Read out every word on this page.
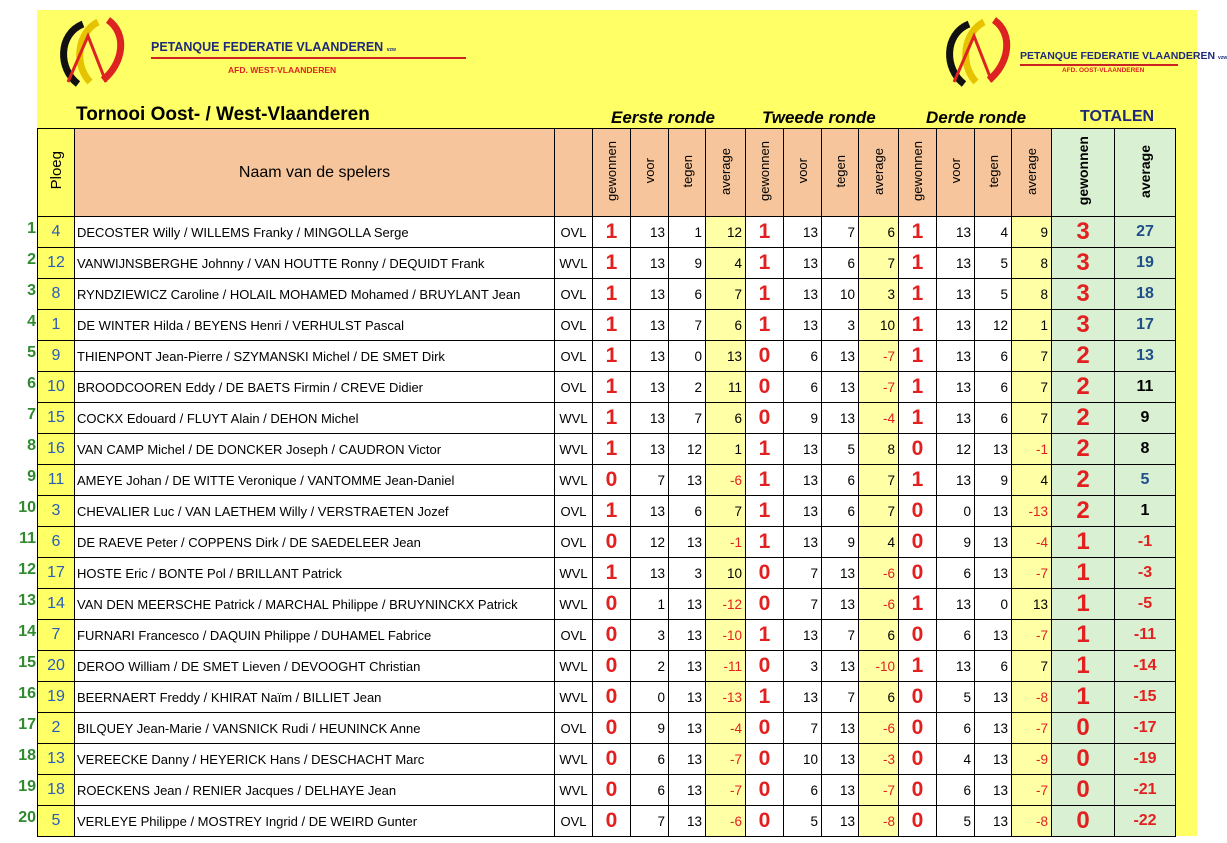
PETANQUE FEDERATIE VLAANDEREN vzw
AFD. WEST-VLAANDEREN
PETANQUE FEDERATIE VLAANDEREN vzw
AFD. OOST-VLAANDEREN
Tornooi Oost- / West-Vlaanderen	Eerste ronde	Tweede ronde	Derde ronde	TOTALEN
Ploeg	Naam van de spelers		gewonnen	voor	tegen	average	gewonnen	voor	tegen	average	gewonnen	voor	tegen	average	gewonnen	average
4	DECOSTER Willy / WILLEMS Franky / MINGOLLA Serge	OVL	1	13	1	12	1	13	7	6	1	13	4	9	3	27
12	VANWIJNSBERGHE Johnny / VAN HOUTTE Ronny / DEQUIDT Frank	WVL	1	13	9	4	1	13	6	7	1	13	5	8	3	19
8	RYNDZIEWICZ Caroline / HOLAIL MOHAMED Mohamed / BRUYLANT Jean	OVL	1	13	6	7	1	13	10	3	1	13	5	8	3	18
1	DE WINTER Hilda / BEYENS Henri / VERHULST Pascal	OVL	1	13	7	6	1	13	3	10	1	13	12	1	3	17
9	THIENPONT Jean-Pierre / SZYMANSKI Michel / DE SMET Dirk	OVL	1	13	0	13	0	6	13	-7	1	13	6	7	2	13
10	BROODCOOREN Eddy / DE BAETS Firmin / CREVE Didier	OVL	1	13	2	11	0	6	13	-7	1	13	6	7	2	11
15	COCKX Edouard / FLUYT Alain / DEHON Michel	WVL	1	13	7	6	0	9	13	-4	1	13	6	7	2	9
16	VAN CAMP Michel / DE DONCKER Joseph / CAUDRON Victor	WVL	1	13	12	1	1	13	5	8	0	12	13	-1	2	8
11	AMEYE Johan / DE WITTE Veronique / VANTOMME Jean-Daniel	WVL	0	7	13	-6	1	13	6	7	1	13	9	4	2	5
3	CHEVALIER Luc / VAN LAETHEM Willy / VERSTRAETEN Jozef	OVL	1	13	6	7	1	13	6	7	0	0	13	-13	2	1
6	DE RAEVE Peter / COPPENS Dirk / DE SAEDELEER Jean	OVL	0	12	13	-1	1	13	9	4	0	9	13	-4	1	-1
17	HOSTE Eric / BONTE Pol / BRILLANT Patrick	WVL	1	13	3	10	0	7	13	-6	0	6	13	-7	1	-3
14	VAN DEN MEERSCHE Patrick / MARCHAL Philippe / BRUYNINCKX Patrick	WVL	0	1	13	-12	0	7	13	-6	1	13	0	13	1	-5
7	FURNARI Francesco / DAQUIN Philippe / DUHAMEL Fabrice	OVL	0	3	13	-10	1	13	7	6	0	6	13	-7	1	-11
20	DEROO William / DE SMET Lieven / DEVOOGHT Christian	WVL	0	2	13	-11	0	3	13	-10	1	13	6	7	1	-14
19	BEERNAERT Freddy / KHIRAT Naïm / BILLIET Jean	WVL	0	0	13	-13	1	13	7	6	0	5	13	-8	1	-15
2	BILQUEY Jean-Marie / VANSNICK Rudi / HEUNINCK Anne	OVL	0	9	13	-4	0	7	13	-6	0	6	13	-7	0	-17
13	VEREECKE Danny / HEYERICK Hans / DESCHACHT Marc	WVL	0	6	13	-7	0	10	13	-3	0	4	13	-9	0	-19
18	ROECKENS Jean / RENIER Jacques / DELHAYE Jean	WVL	0	6	13	-7	0	6	13	-7	0	6	13	-7	0	-21
5	VERLEYE Philippe / MOSTREY Ingrid / DE WEIRD Gunter	OVL	0	7	13	-6	0	5	13	-8	0	5	13	-8	0	-22
1
2
3
4
5
6
7
8
9
10
11
12
13
14
15
16
17
18
19
20
